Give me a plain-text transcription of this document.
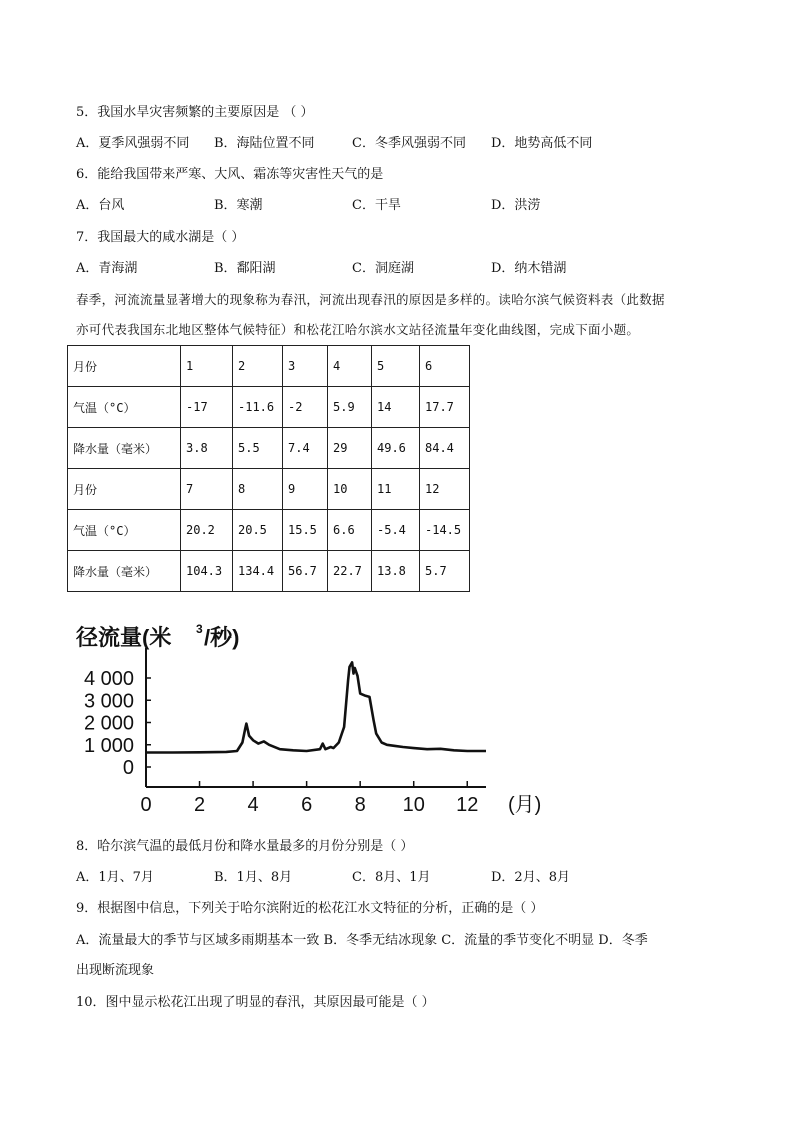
5．我国水旱灾害频繁的主要原因是 （ ）
A．夏季风强弱不同 B．海陆位置不同	C．冬季风强弱不同 D．地势高低不同
6．能给我国带来严寒、大风、霜冻等灾害性天气的是
A．台风	B．寒潮	C．干旱	D．洪涝
7．我国最大的咸水湖是（ ）
A．青海湖	B．鄱阳湖	C．洞庭湖	D．纳木错湖
春季，河流流量显著增大的现象称为春汛，河流出现春汛的原因是多样的。读哈尔滨气候资料表（此数据
亦可代表我国东北地区整体气候特征）和松花江哈尔滨水文站径流量年变化曲线图，完成下面小题。
月份	1	2	3	4	5	6
气温（°C）	-17	-11.6	-2	5.9	14	17.7
降水量（毫米）	3.8	5.5	7.4	29	49.6	84.4
月份	7	8	9	10	11	12
气温（°C）	20.2	20.5	15.5	6.6	-5.4	-14.5
降水量（毫米）	104.3	134.4	56.7	22.7	13.8	5.7
径流量(米 3 /秒)
0
1 000
2 000
3 000
4 000
0 2 4 6 8 10 12 (月)
8．哈尔滨气温的最低月份和降水量最多的月份分别是（ ）
A．1月、7月	B．1月、8月	C．8月、1月	D．2月、8月
9．根据图中信息，下列关于哈尔滨附近的松花江水文特征的分析，正确的是（ ）
A．流量最大的季节与区域多雨期基本一致 B．冬季无结冰现象 C．流量的季节变化不明显 D．冬季
出现断流现象
10．图中显示松花江出现了明显的春汛，其原因最可能是（ ）
